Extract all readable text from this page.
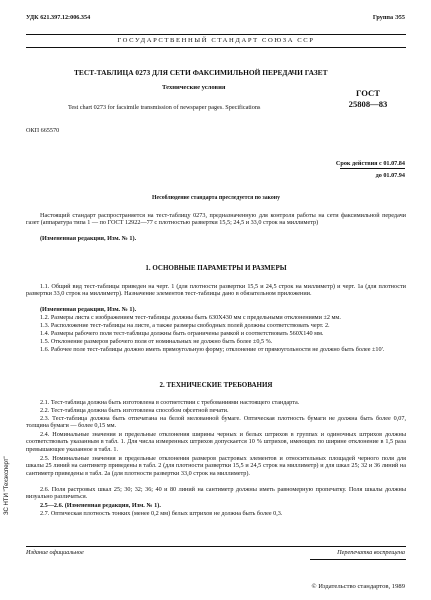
УДК 621.397.12:006.354	Группа Э55
ГОСУДАРСТВЕННЫЙ СТАНДАРТ СОЮЗА ССР
ТЕСТ-ТАБЛИЦА 0273 ДЛЯ СЕТИ ФАКСИМИЛЬНОЙ ПЕРЕДАЧИ ГАЗЕТ
Технические условия
Test chart 0273 for facsimile transmission of newspaper pages. Specifications
ГОСТ
25808—83
ОКП 665570
Срок действия с 01.07.84
до 01.07.94
Несоблюдение стандарта преследуется по закону
Настоящий стандарт распространяется на тест-таблицу 0273, предназначенную для контроля работы на сети факсимильной передачи газет (аппаратура типа 1 — по ГОСТ 12922—77 с плотностью развертки 15,5; 24,5 и 33,0 строк на миллиметр)
(Измененная редакция, Изм. № 1).
1. ОСНОВНЫЕ ПАРАМЕТРЫ И РАЗМЕРЫ
1.1. Общий вид тест-таблицы приведен на черт. 1 (для плотности развертки 15,5 и 24,5 строк на миллиметр) и черт. 1а (для плотности развертки 33,0 строк на миллиметр). Назначение элементов тест-таблицы дано в обязательном приложении.
(Измененная редакция, Изм. № 1).
1.2. Размеры листа с изображением тест-таблицы должны быть 630X430 мм с предельными отклонениями ±2 мм.
1.3. Расположение тест-таблицы на листе, а также размеры свободных полей должны соответствовать черт. 2.
1.4. Размеры рабочего поля тест-таблицы должны быть ограничены рамкой и соответствовать 560X140 мм.
1.5. Отклонение размеров рабочего поля от номинальных не должно быть более ±0,5 %.
1.6. Рабочее поле тест-таблицы должно иметь прямоугольную форму; отклонение от прямоугольности не должно быть более ±10′.
2. ТЕХНИЧЕСКИЕ ТРЕБОВАНИЯ
2.1. Тест-таблица должна быть изготовлена в соответствии с требованиями настоящего стандарта.
2.2. Тест-таблица должна быть изготовлена способом офсетной печати.
2.3. Тест-таблица должна быть отпечатана на белой мелованной бумаге. Оптическая плотность бумаги не должна быть более 0,07, толщина бумаги — более 0,15 мм.
2.4. Номинальные значения и предельные отклонения ширины черных и белых штрихов в группах и одиночных штрихов должны соответствовать указанным в табл. 1. Для числа измеренных штрихов допускается 10 % штрихов, имеющих по ширине отклонение в 1,5 раза превышающее указанное в табл. 1.
2.5. Номинальные значения и предельные отклонения размеров растровых элементов и относительных площадей черного поля для шкалы 25 линий на сантиметр приведены в табл. 2 (для плотности развертки 15,5 и 24,5 строк на миллиметр) и для шкал 25; 32 и 36 линий на сантиметр приведены в табл. 2а (для плотности развертки 33,0 строк на миллиметр).
2.6. Поля растровых шкал 25; 30; 32; 36; 40 и 80 линий на сантиметр должны иметь равномерную пропечатку. Поля шкалы должны визуально различаться.
2.5—2.6. (Измененная редакция, Изм. № 1).
2.7. Оптическая плотность тонких (менее 0,2 мм) белых штрихов не должна быть более 0,3.
Издание официальное	Перепечатка воспрещена
© Издательство стандартов, 1989
ЗС НТИ "Техэксперт"
